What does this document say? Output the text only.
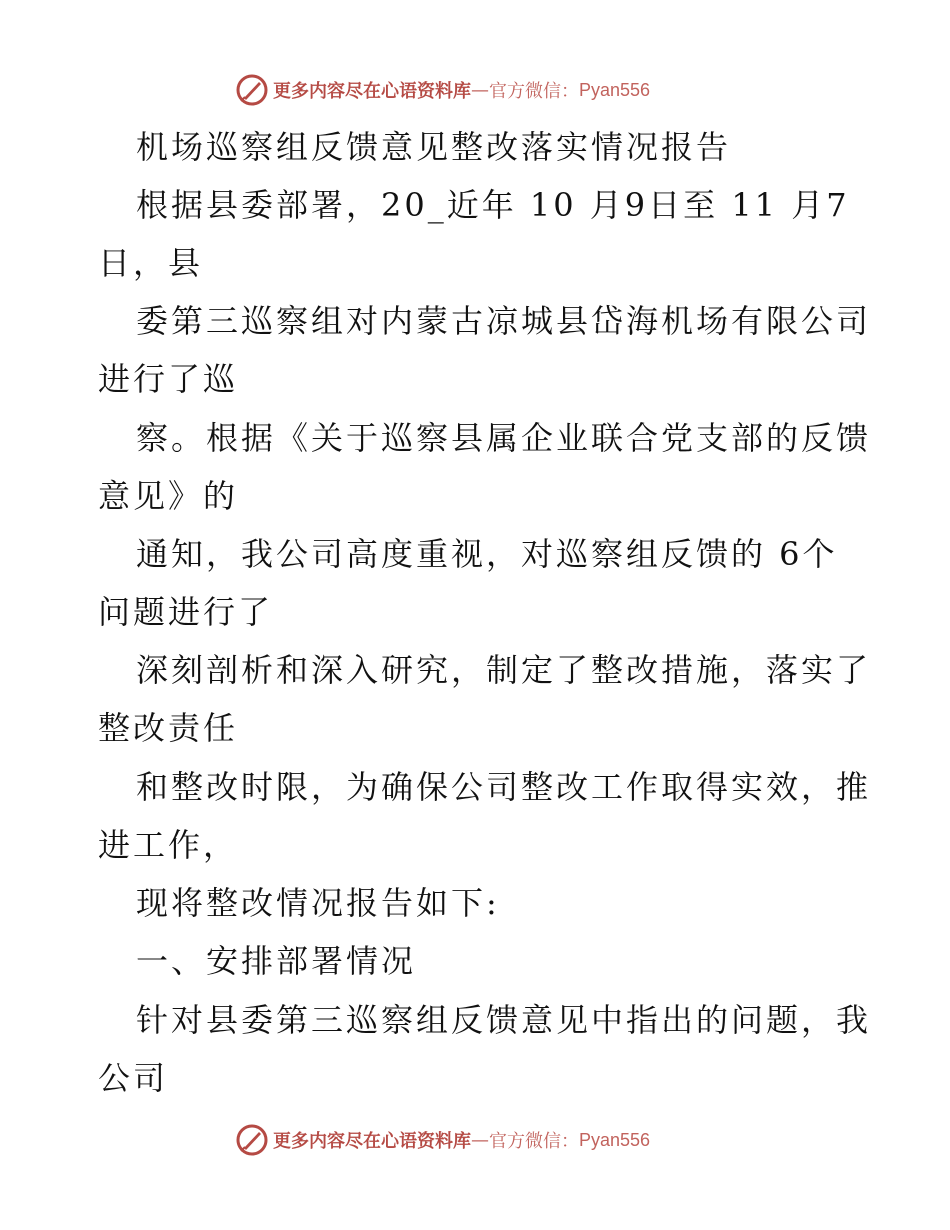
更多内容尽在心语资料库 — 官方微信： Pyan556
机场巡察组反馈意见整改落实情况报告
根据县委部署，20_近年 10 月9日至 11 月7
日，县
委第三巡察组对内蒙古凉城县岱海机场有限公司
进行了巡
察。根据《关于巡察县属企业联合党支部的反馈
意见》的
通知，我公司高度重视，对巡察组反馈的 6个
问题进行了
深刻剖析和深入研究，制定了整改措施，落实了
整改责任
和整改时限，为确保公司整改工作取得实效，推
进工作，
现将整改情况报告如下:
一、安排部署情况
针对县委第三巡察组反馈意见中指出的问题，我
公司
更多内容尽在心语资料库 — 官方微信： Pyan556
